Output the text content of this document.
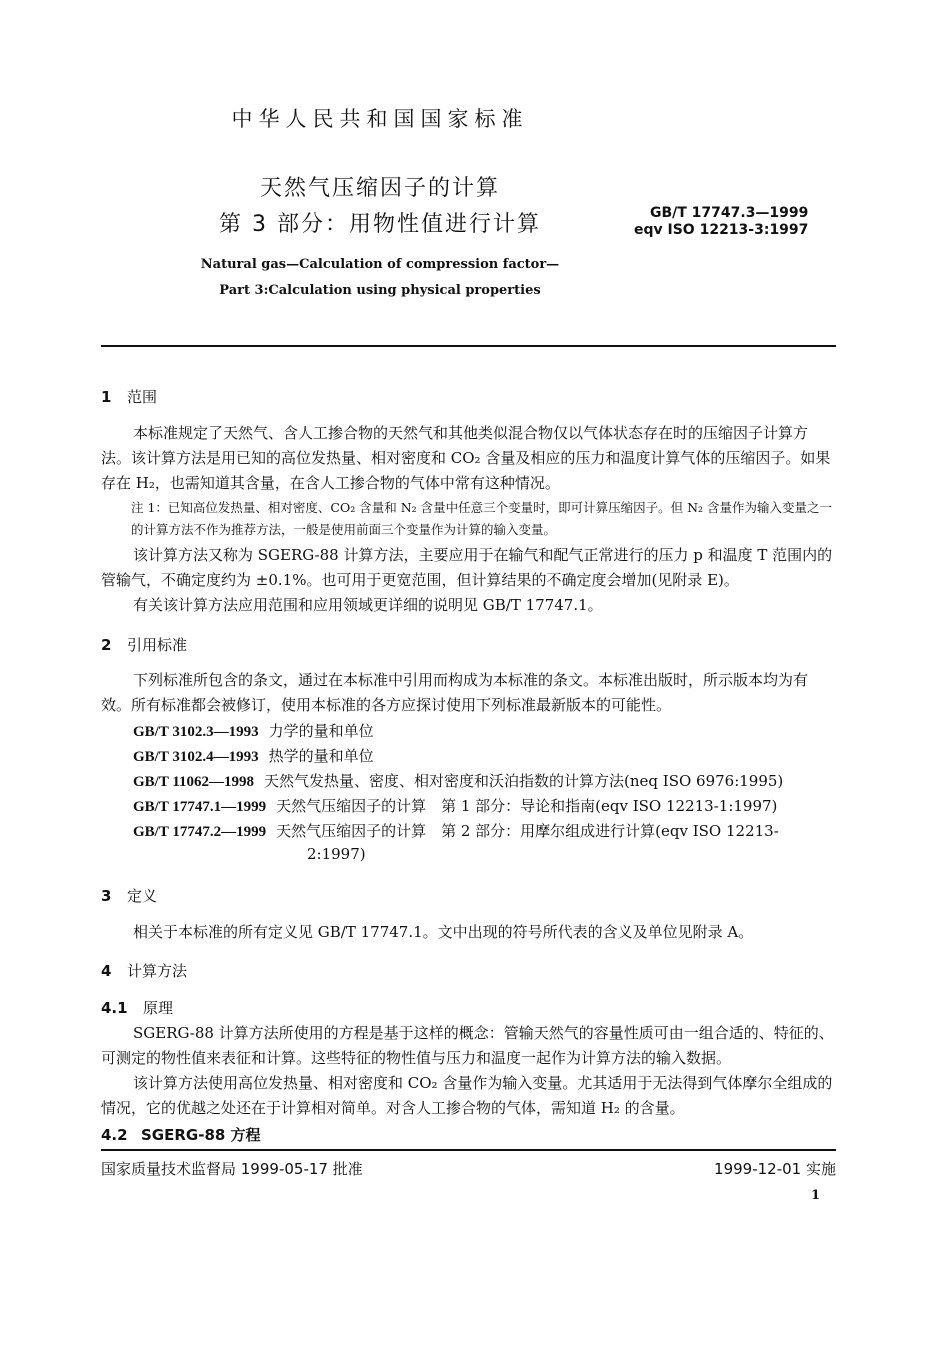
中华人民共和国国家标准
天然气压缩因子的计算
第 3 部分：用物性值进行计算	GB/T 17747.3—1999
eqv ISO 12213-3:1997
Natural gas—Calculation of compression factor—
Part 3:Calculation using physical properties
1 范围
本标准规定了天然气、含人工掺合物的天然气和其他类似混合物仅以气体状态存在时的压缩因子计算方法。该计算方法是用已知的高位发热量、相对密度和 CO₂ 含量及相应的压力和温度计算气体的压缩因子。如果存在 H₂，也需知道其含量，在含人工掺合物的气体中常有这种情况。
注 1：已知高位发热量、相对密度、CO₂ 含量和 N₂ 含量中任意三个变量时，即可计算压缩因子。但 N₂ 含量作为输入变量之一的计算方法不作为推荐方法，一般是使用前面三个变量作为计算的输入变量。
该计算方法又称为 SGERG-88 计算方法，主要应用于在输气和配气正常进行的压力 p 和温度 T 范围内的管输气，不确定度约为 ±0.1%。也可用于更宽范围，但计算结果的不确定度会增加(见附录 E)。
有关该计算方法应用范围和应用领域更详细的说明见 GB/T 17747.1。
2 引用标准
下列标准所包含的条文，通过在本标准中引用而构成为本标准的条文。本标准出版时，所示版本均为有效。所有标准都会被修订，使用本标准的各方应探讨使用下列标准最新版本的可能性。
GB/T 3102.3—1993 力学的量和单位
GB/T 3102.4—1993 热学的量和单位
GB/T 11062—1998 天然气发热量、密度、相对密度和沃泊指数的计算方法(neq ISO 6976:1995)
GB/T 17747.1—1999 天然气压缩因子的计算　第 1 部分：导论和指南(eqv ISO 12213-1:1997)
GB/T 17747.2—1999 天然气压缩因子的计算　第 2 部分：用摩尔组成进行计算(eqv ISO 12213-
2:1997)
3 定义
相关于本标准的所有定义见 GB/T 17747.1。文中出现的符号所代表的含义及单位见附录 A。
4 计算方法
4.1 原理
SGERG-88 计算方法所使用的方程是基于这样的概念：管输天然气的容量性质可由一组合适的、特征的、可测定的物性值来表征和计算。这些特征的物性值与压力和温度一起作为计算方法的输入数据。
该计算方法使用高位发热量、相对密度和 CO₂ 含量作为输入变量。尤其适用于无法得到气体摩尔全组成的情况，它的优越之处还在于计算相对简单。对含人工掺合物的气体，需知道 H₂ 的含量。
4.2 SGERG-88 方程
国家质量技术监督局 1999-05-17 批准	1999-12-01 实施
1
